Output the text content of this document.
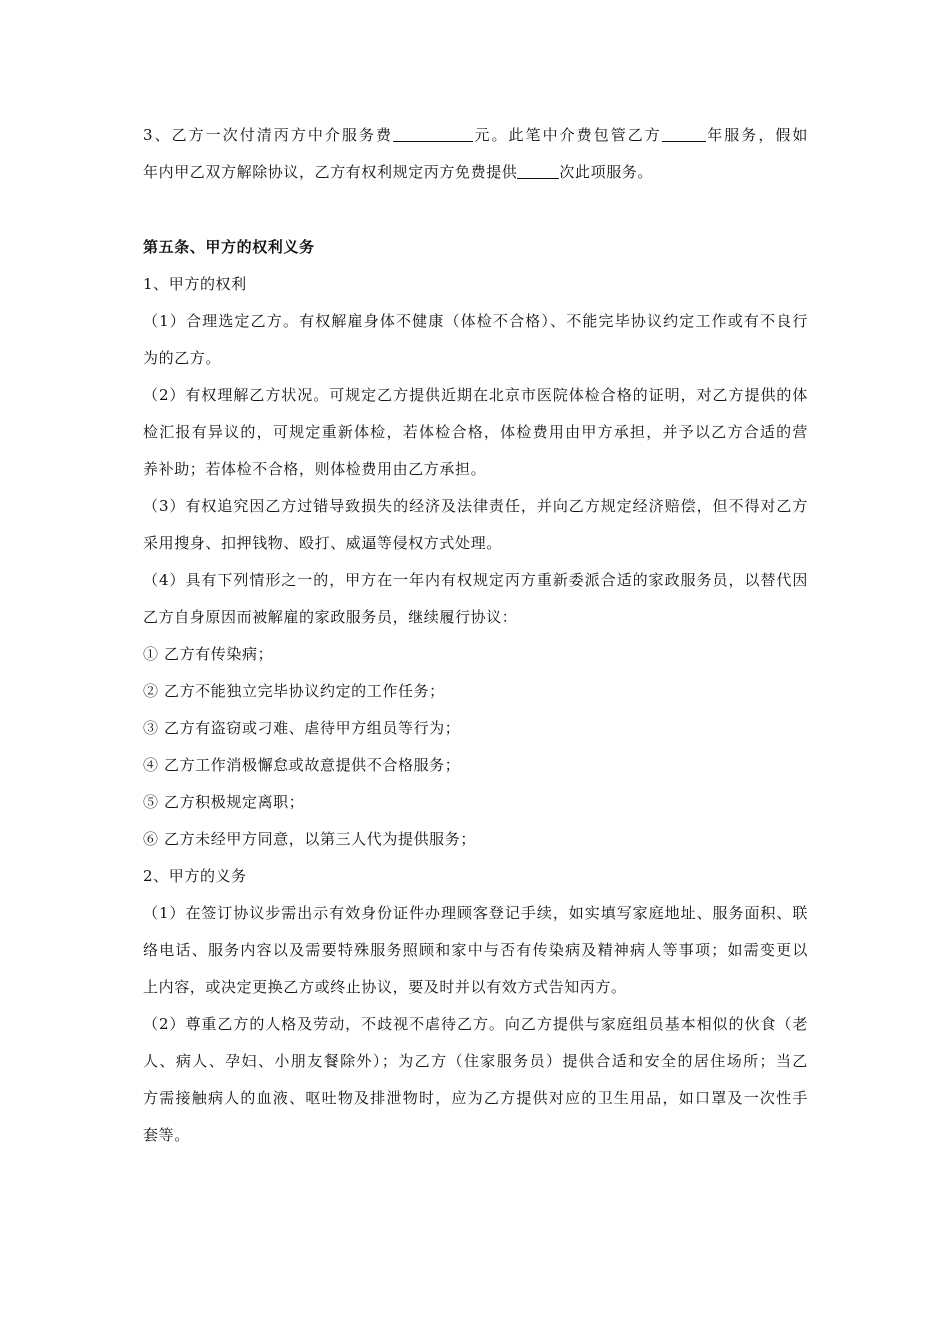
3、乙方一次付清丙方中介服务费	元。此笔中介费包管乙方	年服务，假如
年内甲乙双方解除协议，乙方有权利规定丙方免费提供	次此项服务。
第五条、甲方的权利义务
1、甲方的权利
（1）合理选定乙方。有权解雇身体不健康（体检不合格）、不能完毕协议约定工作或有不良行
为的乙方。
（2）有权理解乙方状况。可规定乙方提供近期在北京市医院体检合格的证明，对乙方提供的体
检汇报有异议的，可规定重新体检，若体检合格，体检费用由甲方承担，并予以乙方合适的营
养补助；若体检不合格，则体检费用由乙方承担。
（3）有权追究因乙方过错导致损失的经济及法律责任，并向乙方规定经济赔偿，但不得对乙方
采用搜身、扣押钱物、殴打、威逼等侵权方式处理。
（4）具有下列情形之一的，甲方在一年内有权规定丙方重新委派合适的家政服务员，以替代因
乙方自身原因而被解雇的家政服务员，继续履行协议：
① 乙方有传染病；
② 乙方不能独立完毕协议约定的工作任务；
③ 乙方有盗窃或刁难、虐待甲方组员等行为；
④ 乙方工作消极懈怠或故意提供不合格服务；
⑤ 乙方积极规定离职；
⑥ 乙方未经甲方同意，以第三人代为提供服务；
2、甲方的义务
（1）在签订协议步需出示有效身份证件办理顾客登记手续，如实填写家庭地址、服务面积、联
络电话、服务内容以及需要特殊服务照顾和家中与否有传染病及精神病人等事项；如需变更以
上内容，或决定更换乙方或终止协议，要及时并以有效方式告知丙方。
（2）尊重乙方的人格及劳动，不歧视不虐待乙方。向乙方提供与家庭组员基本相似的伙食（老
人、病人、孕妇、小朋友餐除外）；为乙方（住家服务员）提供合适和安全的居住场所；当乙
方需接触病人的血液、呕吐物及排泄物时，应为乙方提供对应的卫生用品，如口罩及一次性手
套等。
